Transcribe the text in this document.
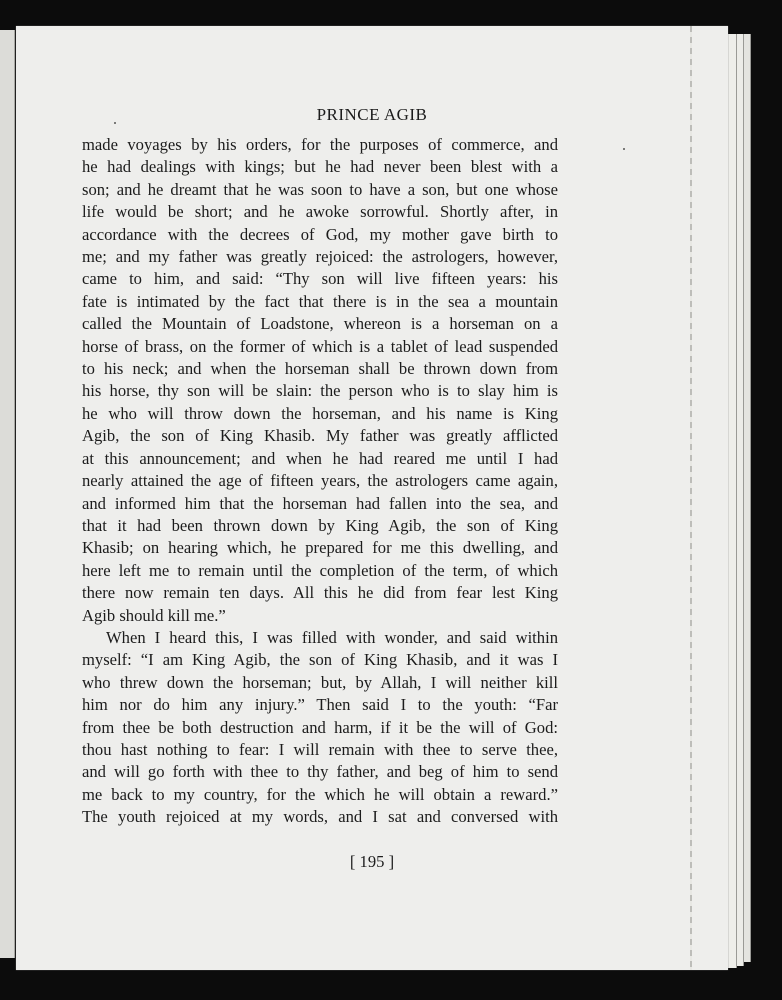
PRINCE AGIB
made voyages by his orders, for the purposes of commerce, and
he had dealings with kings; but he had never been blest with a
son; and he dreamt that he was soon to have a son, but one whose
life would be short; and he awoke sorrowful. Shortly after, in
accordance with the decrees of God, my mother gave birth to
me; and my father was greatly rejoiced: the astrologers, however,
came to him, and said: “Thy son will live fifteen years: his
fate is intimated by the fact that there is in the sea a mountain
called the Mountain of Loadstone, whereon is a horseman on a
horse of brass, on the former of which is a tablet of lead suspended
to his neck; and when the horseman shall be thrown down from
his horse, thy son will be slain: the person who is to slay him is
he who will throw down the horseman, and his name is King
Agib, the son of King Khasib. My father was greatly afflicted
at this announcement; and when he had reared me until I had
nearly attained the age of fifteen years, the astrologers came again,
and informed him that the horseman had fallen into the sea, and
that it had been thrown down by King Agib, the son of King
Khasib; on hearing which, he prepared for me this dwelling, and
here left me to remain until the completion of the term, of which
there now remain ten days. All this he did from fear lest King
Agib should kill me.”
When I heard this, I was filled with wonder, and said within
myself: “I am King Agib, the son of King Khasib, and it was I
who threw down the horseman; but, by Allah, I will neither kill
him nor do him any injury.” Then said I to the youth: “Far
from thee be both destruction and harm, if it be the will of God:
thou hast nothing to fear: I will remain with thee to serve thee,
and will go forth with thee to thy father, and beg of him to send
me back to my country, for the which he will obtain a reward.”
The youth rejoiced at my words, and I sat and conversed with
[ 195 ]
